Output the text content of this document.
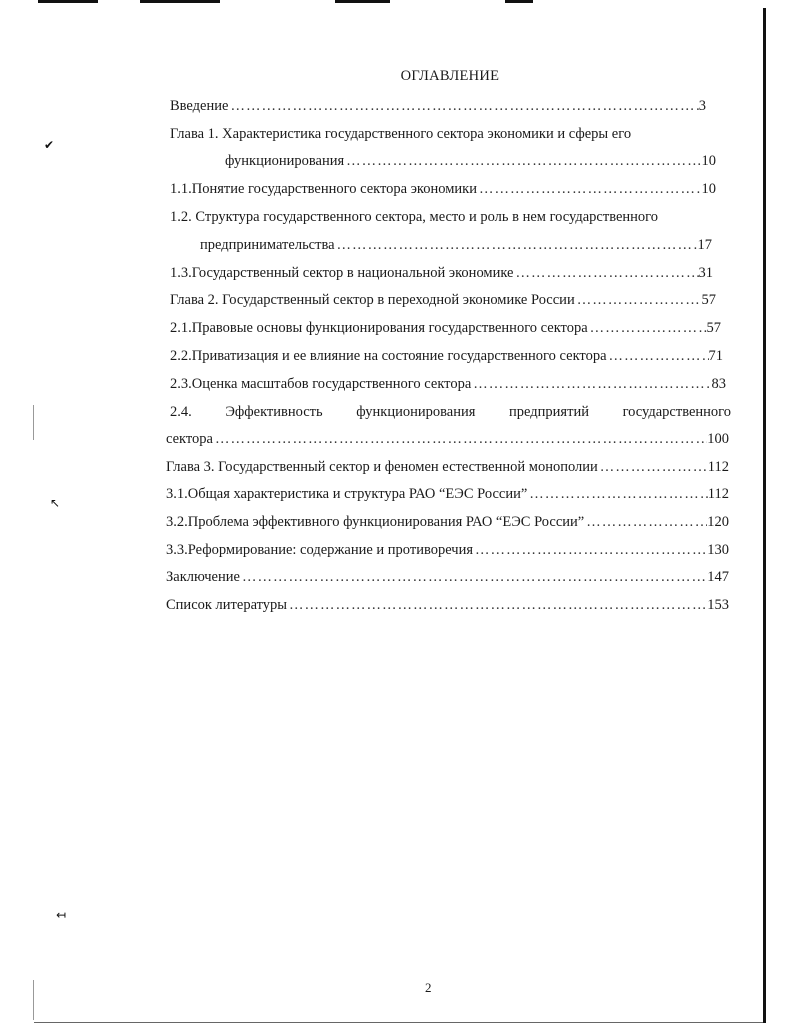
✔
↖
↤
ОГЛАВЛЕНИЕ
Введение ……………………………………………………………………………………………………………………………………………………………………	3
Глава 1. Характеристика государственного сектора экономики и сферы его
функционирования ……………………………………………………………………………………………………………………………………………………………………	10
1.1. Понятие государственного сектора экономики ……………………………………………………………………………………………………………………………………………………………………	10
1.2. Структура государственного сектора, место и роль в нем государственного
предпринимательства ……………………………………………………………………………………………………………………………………………………………………	17
1.3. Государственный сектор в национальной экономике ……………………………………………………………………………………………………………………………………………………………………	31
Глава 2. Государственный сектор в переходной экономике России ……………………………………………………………………………………………………………………………………………………………………	57
2.1. Правовые основы функционирования государственного сектора ……………………………………………………………………………………………………………………………………………………………………	57
2.2. Приватизация и ее влияние на состояние государственного сектора ……………………………………………………………………………………………………………………………………………………………………	71
2.3. Оценка масштабов государственного сектора ……………………………………………………………………………………………………………………………………………………………………	83
2.4. Эффективность функционирования предприятий государственного
сектора ……………………………………………………………………………………………………………………………………………………………………	100
Глава 3. Государственный сектор и феномен естественной монополии ……………………………………………………………………………………………………………………………………………………………………	112
3.1. Общая характеристика и структура РАО “ЕЭС России” ……………………………………………………………………………………………………………………………………………………………………	112
3.2. Проблема эффективного функционирования РАО “ЕЭС России” ……………………………………………………………………………………………………………………………………………………………………	120
3.3. Реформирование: содержание и противоречия ……………………………………………………………………………………………………………………………………………………………………	130
Заключение ……………………………………………………………………………………………………………………………………………………………………	147
Список литературы ……………………………………………………………………………………………………………………………………………………………………	153
2
